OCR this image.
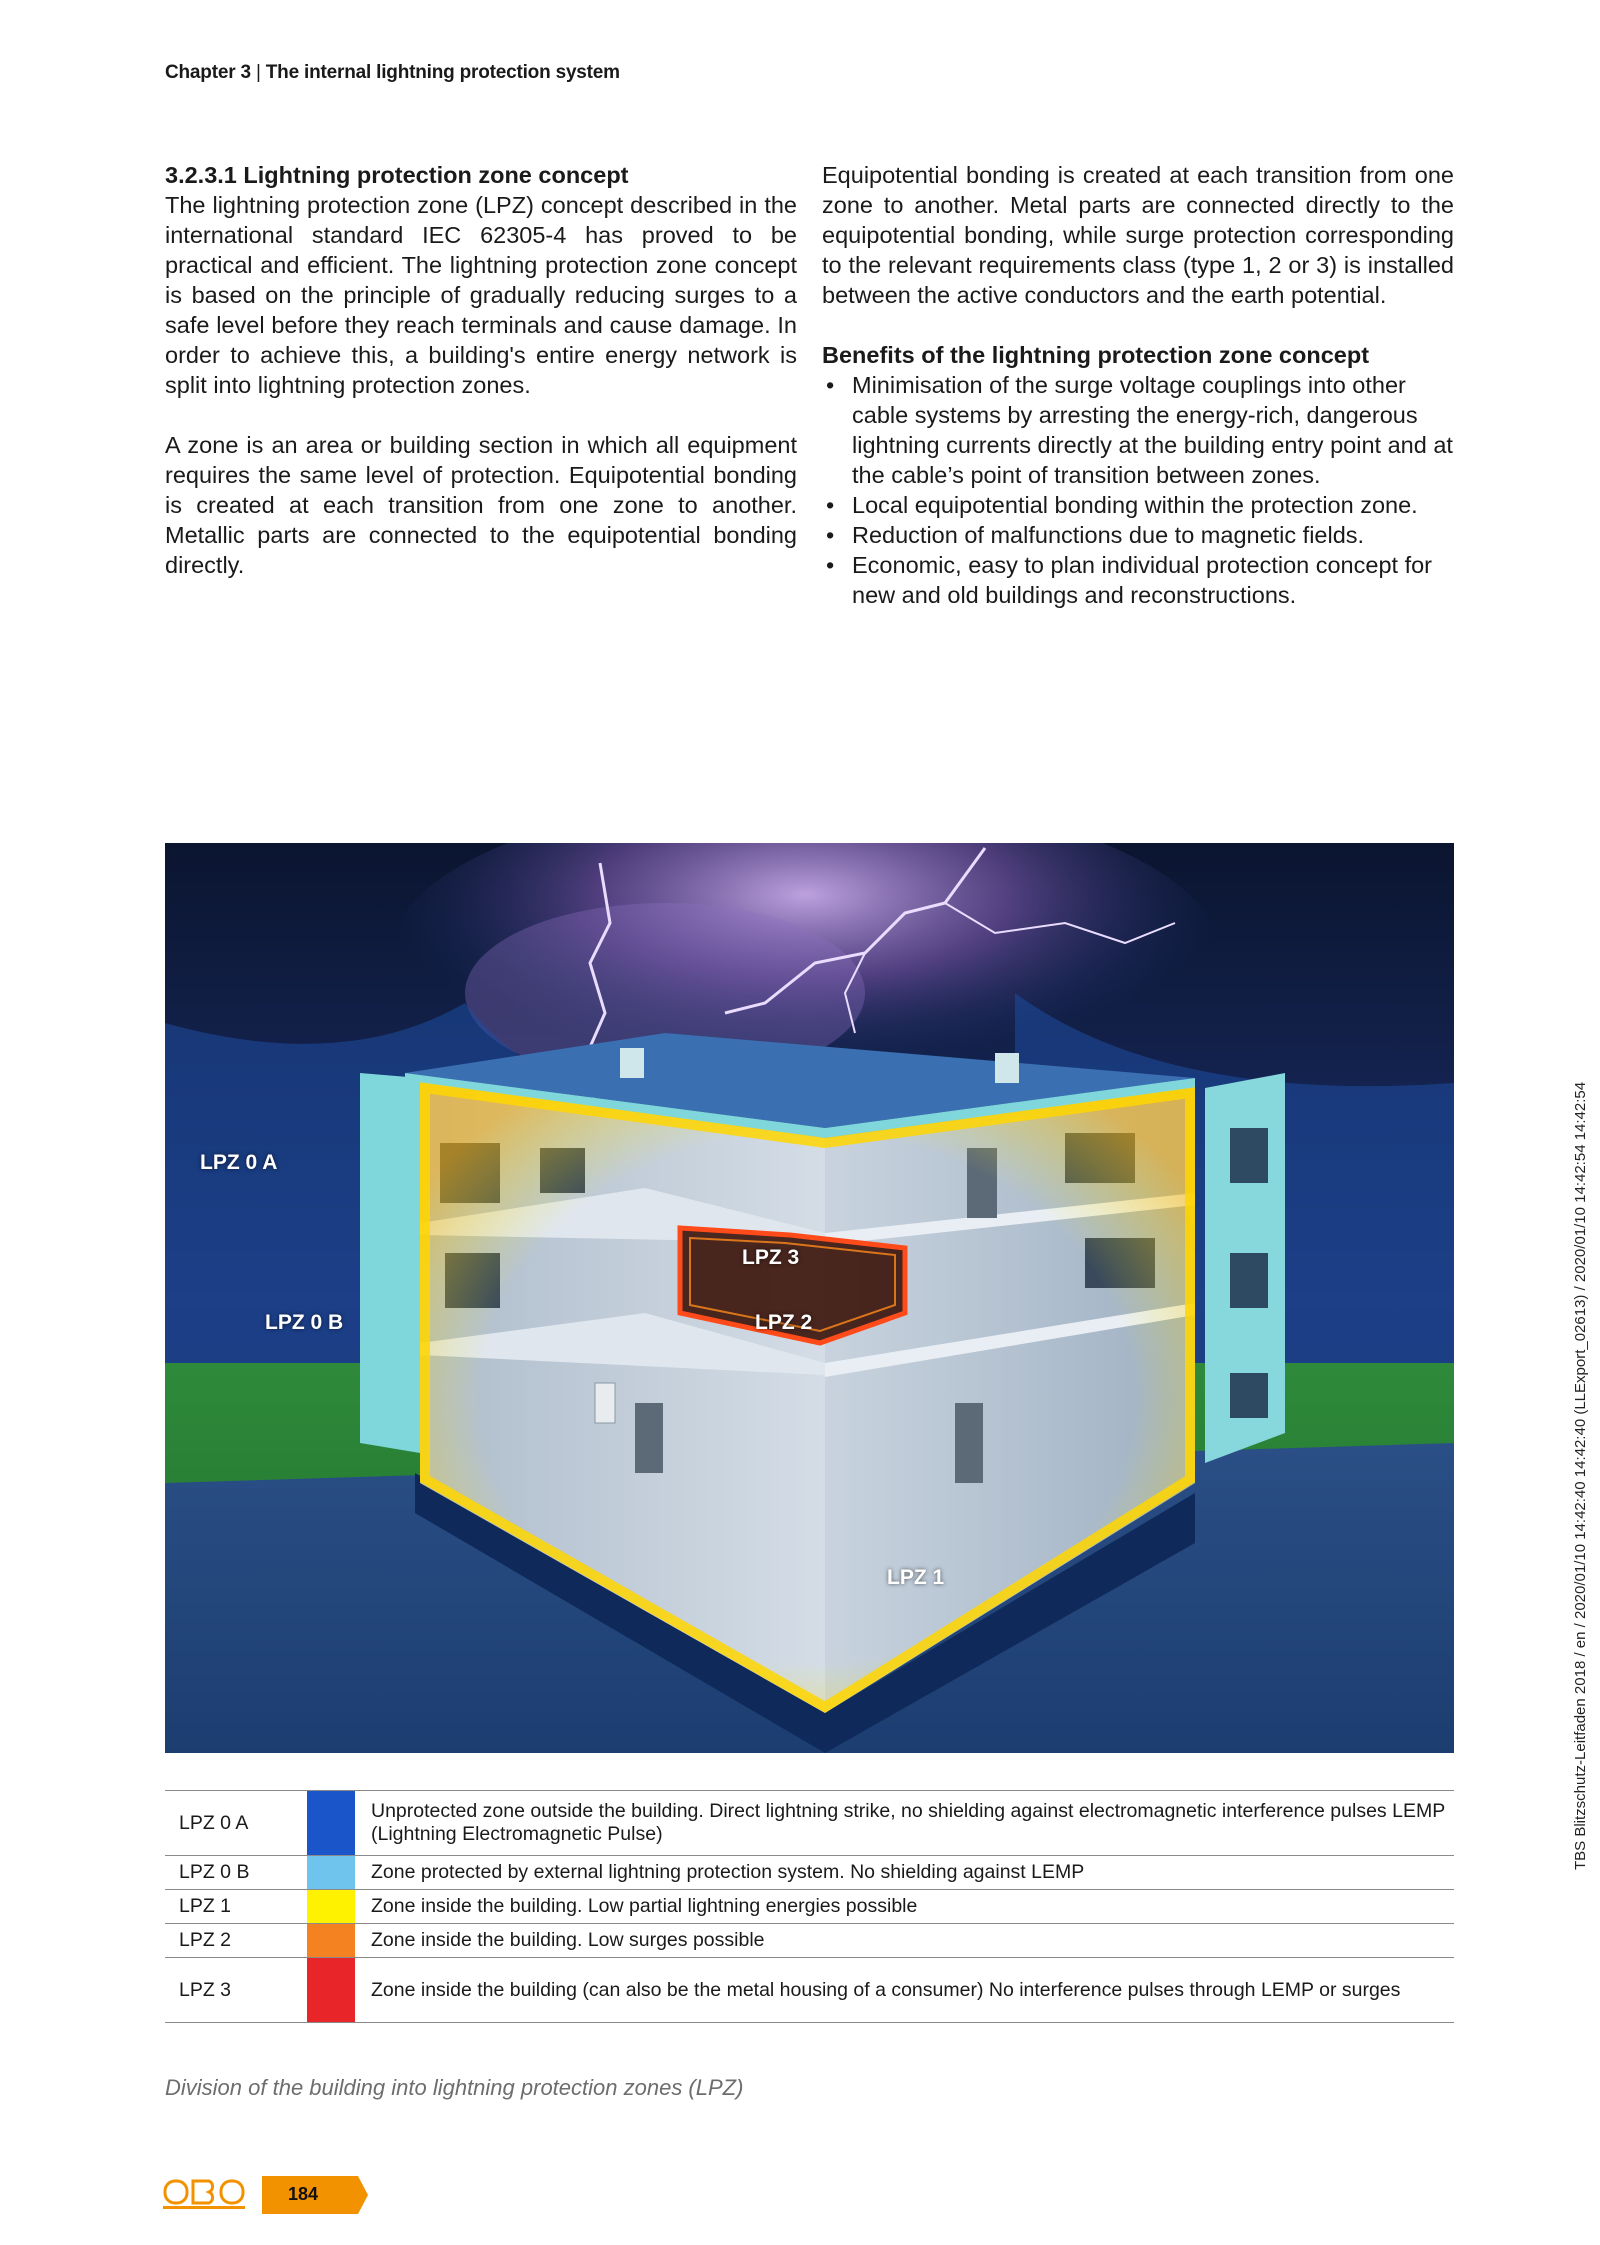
Chapter 3 | The internal lightning protection system

3.2.3.1 Lightning protection zone concept

The lightning protection zone (LPZ) concept described in the international standard IEC 62305-4 has proved to be practical and efficient. The lightning protection zone concept is based on the principle of gradually reducing surges to a safe level before they reach terminals and cause damage. In order to achieve this, a building's entire energy network is split into lightning protection zones.

A zone is an area or building section in which all equipment requires the same level of protection. Equipotential bonding is created at each transition from one zone to another. Metallic parts are connected to the equipotential bonding directly.

Equipotential bonding is created at each transition from one zone to another. Metal parts are connected directly to the equipotential bonding, while surge protection corresponding to the relevant requirements class (type 1, 2 or 3) is installed between the active conductors and the earth potential.

Benefits of the lightning protection zone concept

• Minimisation of the surge voltage couplings into other cable systems by arresting the energy-rich, dangerous lightning currents directly at the building entry point and at the cable’s point of transition between zones.
• Local equipotential bonding within the protection zone.
• Reduction of malfunctions due to magnetic fields.
• Economic, easy to plan individual protection concept for new and old buildings and reconstructions.
LPZ 0 A
LPZ 0 B
LPZ 3
LPZ 2
LPZ 1
LPZ 0 A		Unprotected zone outside the building. Direct lightning strike, no shielding against electromagnetic interference pulses LEMP (Lightning Electromagnetic Pulse)
LPZ 0 B		Zone protected by external lightning protection system. No shielding against LEMP
LPZ 1		Zone inside the building. Low partial lightning energies possible
LPZ 2		Zone inside the building. Low surges possible
LPZ 3		Zone inside the building (can also be the metal housing of a consumer) No interference pulses through LEMP or surges
Division of the building into lightning protection zones (LPZ)
184
TBS Blitzschutz-Leitfaden 2018 / en / 2020/01/10 14:42:40 14:42:40 (LLExport_02613) / 2020/01/10 14:42:54 14:42:54
